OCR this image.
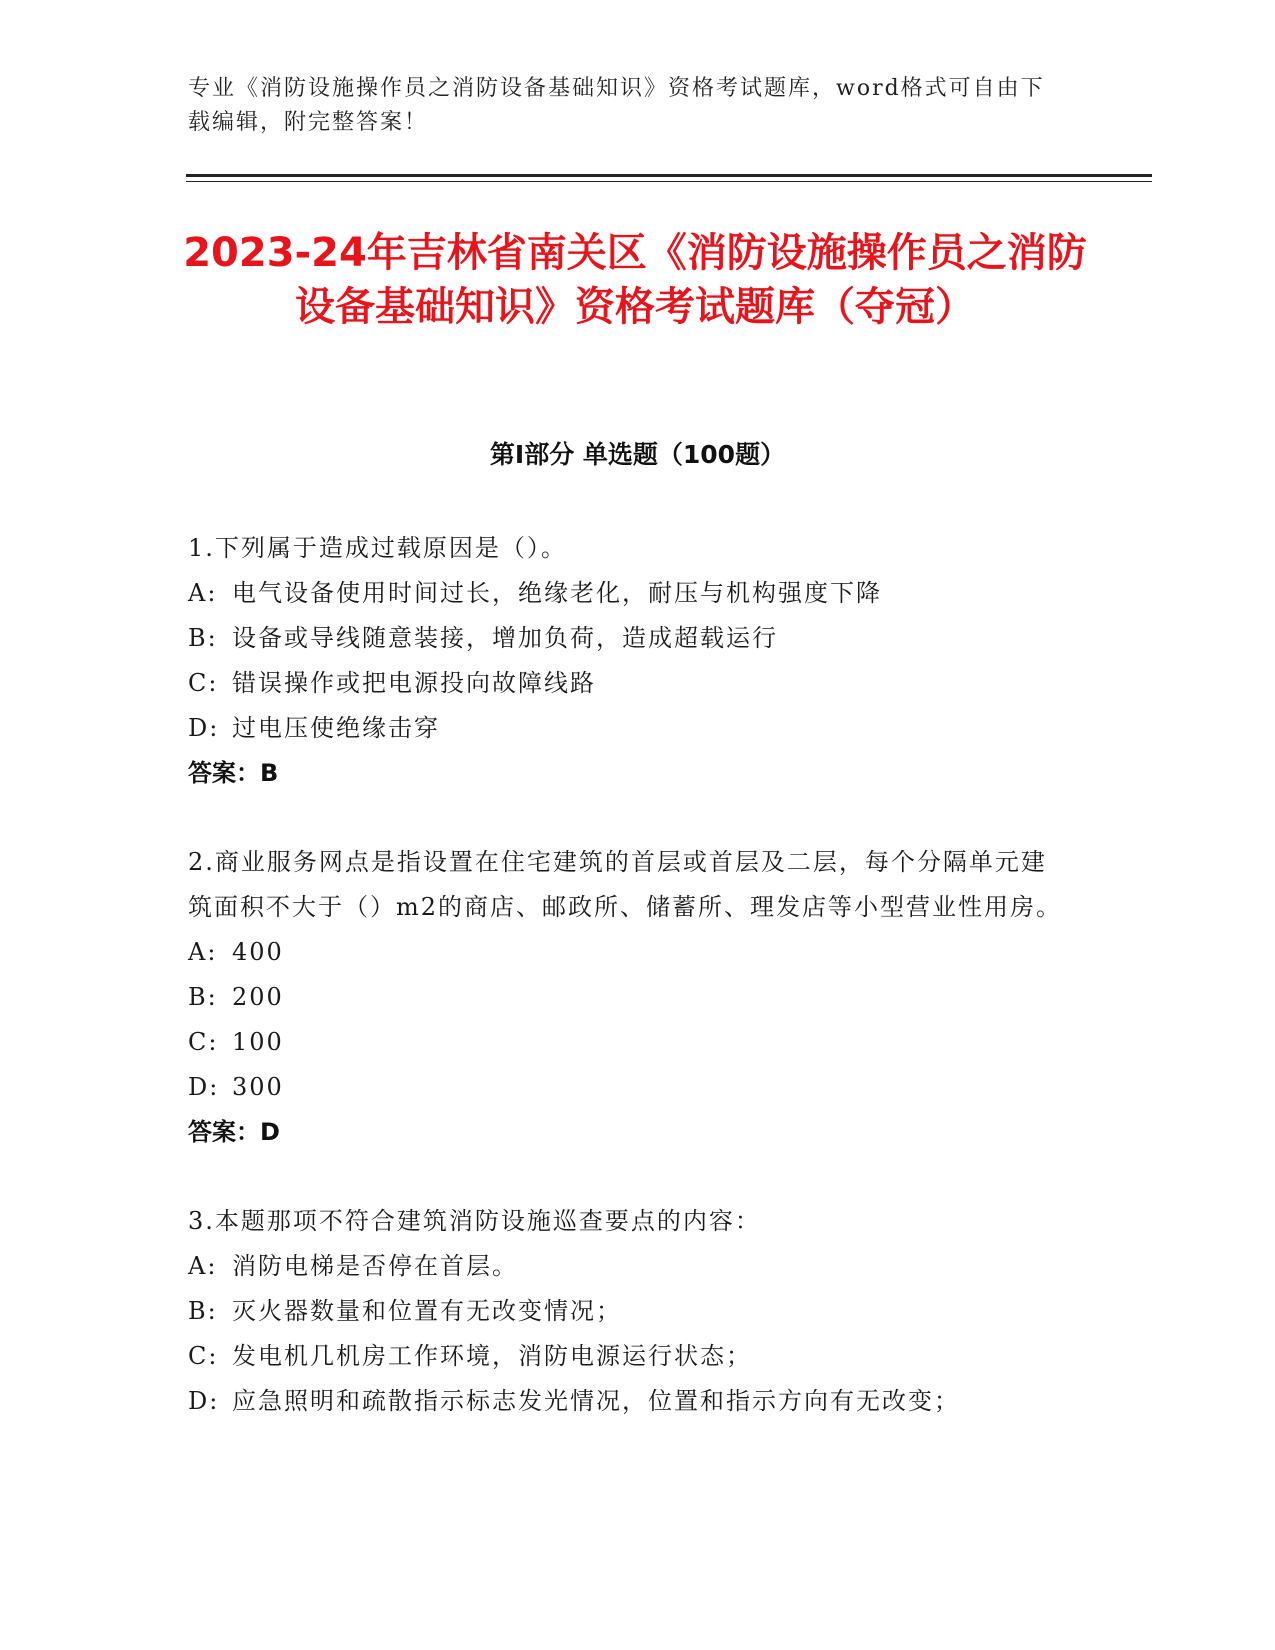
专业《消防设施操作员之消防设备基础知识》资格考试题库，word格式可自由下载编辑，附完整答案！
2023-24年吉林省南关区《消防设施操作员之消防设备基础知识》资格考试题库（夺冠）
第I部分 单选题（100题）

1.下列属于造成过载原因是（）。

A: 电气设备使用时间过长，绝缘老化，耐压与机构强度下降

B: 设备或导线随意装接，增加负荷，造成超载运行

C: 错误操作或把电源投向故障线路

D: 过电压使绝缘击穿

答案：B

2.商业服务网点是指设置在住宅建筑的首层或首层及二层，每个分隔单元建筑面积不大于（）m2的商店、邮政所、储蓄所、理发店等小型营业性用房。

A: 400

B: 200

C: 100

D: 300

答案：D

3.本题那项不符合建筑消防设施巡查要点的内容：

A: 消防电梯是否停在首层。

B: 灭火器数量和位置有无改变情况；

C: 发电机几机房工作环境，消防电源运行状态；

D: 应急照明和疏散指示标志发光情况，位置和指示方向有无改变；
